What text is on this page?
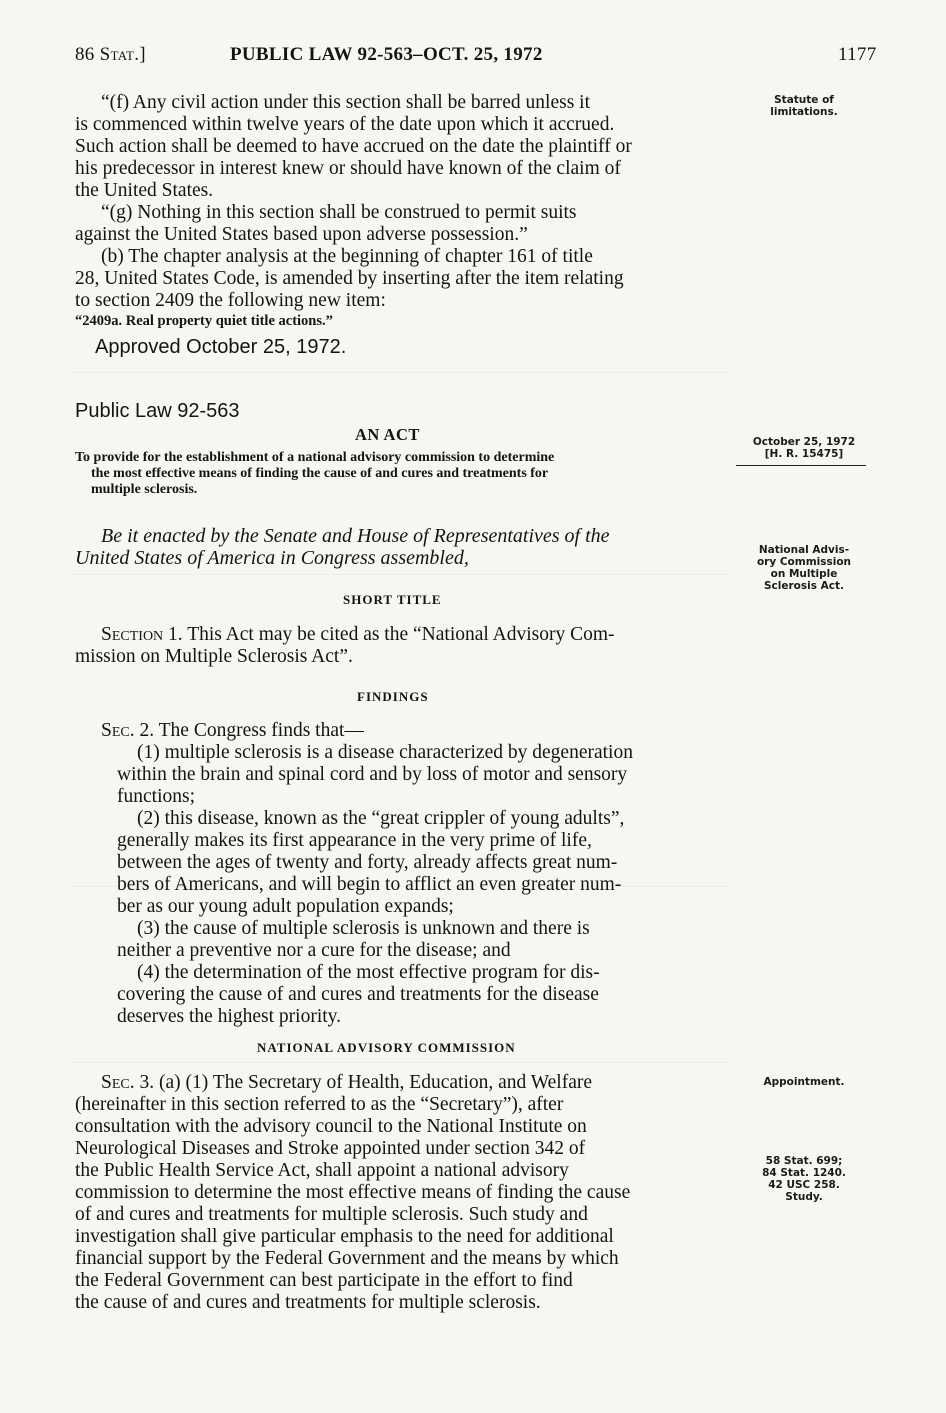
86 Stat.]	PUBLIC LAW 92-563–OCT. 25, 1972	1177
“(f) Any civil action under this section shall be barred unless it
is commenced within twelve years of the date upon which it accrued.
Such action shall be deemed to have accrued on the date the plaintiff or
his predecessor in interest knew or should have known of the claim of
the United States.
“(g) Nothing in this section shall be construed to permit suits
against the United States based upon adverse possession.”
(b) The chapter analysis at the beginning of chapter 161 of title
28, United States Code, is amended by inserting after the item relating
to section 2409 the following new item:
“2409a. Real property quiet title actions.”
Approved October 25, 1972.
Public Law 92-563
AN ACT
To provide for the establishment of a national advisory commission to determine
the most effective means of finding the cause of and cures and treatments for
multiple sclerosis.
Be it enacted by the Senate and House of Representatives of the
United States of America in Congress assembled,
SHORT TITLE
Section 1. This Act may be cited as the “National Advisory Com-
mission on Multiple Sclerosis Act”.
FINDINGS
Sec. 2. The Congress finds that—
(1) multiple sclerosis is a disease characterized by degeneration
within the brain and spinal cord and by loss of motor and sensory
functions;
(2) this disease, known as the “great crippler of young adults”,
generally makes its first appearance in the very prime of life,
between the ages of twenty and forty, already affects great num-
bers of Americans, and will begin to afflict an even greater num-
ber as our young adult population expands;
(3) the cause of multiple sclerosis is unknown and there is
neither a preventive nor a cure for the disease; and
(4) the determination of the most effective program for dis-
covering the cause of and cures and treatments for the disease
deserves the highest priority.
NATIONAL ADVISORY COMMISSION
Sec. 3. (a) (1) The Secretary of Health, Education, and Welfare
(hereinafter in this section referred to as the “Secretary”), after
consultation with the advisory council to the National Institute on
Neurological Diseases and Stroke appointed under section 342 of
the Public Health Service Act, shall appoint a national advisory
commission to determine the most effective means of finding the cause
of and cures and treatments for multiple sclerosis. Such study and
investigation shall give particular emphasis to the need for additional
financial support by the Federal Government and the means by which
the Federal Government can best participate in the effort to find
the cause of and cures and treatments for multiple sclerosis.
Statute of
limitations.
October 25, 1972
[H. R. 15475]
National Advis-
ory Commission
on Multiple
Sclerosis Act.
Appointment.
58 Stat. 699;
84 Stat. 1240.
42 USC 258.
Study.
